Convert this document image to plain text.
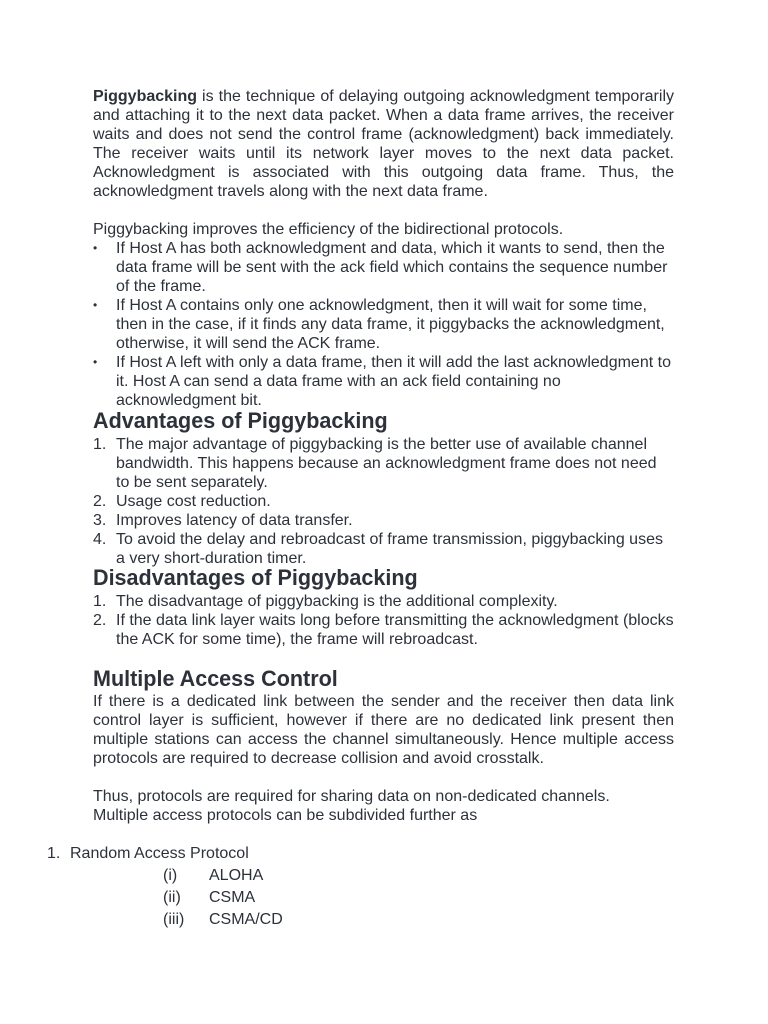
Piggybacking is the technique of delaying outgoing acknowledgment temporarily and attaching it to the next data packet. When a data frame arrives, the receiver waits and does not send the control frame (acknowledgment) back immediately. The receiver waits until its network layer moves to the next data packet. Acknowledgment is associated with this outgoing data frame. Thus, the acknowledgment travels along with the next data frame.

Piggybacking improves the efficiency of the bidirectional protocols.

• If Host A has both acknowledgment and data, which it wants to send, then the data frame will be sent with the ack field which contains the sequence number of the frame.
• If Host A contains only one acknowledgment, then it will wait for some time, then in the case, if it finds any data frame, it piggybacks the acknowledgment, otherwise, it will send the ACK frame.
• If Host A left with only a data frame, then it will add the last acknowledgment to it. Host A can send a data frame with an ack field containing no acknowledgment bit.
Advantages of Piggybacking
1. The major advantage of piggybacking is the better use of available channel bandwidth. This happens because an acknowledgment frame does not need to be sent separately.
2. Usage cost reduction.
3. Improves latency of data transfer.
4. To avoid the delay and rebroadcast of frame transmission, piggybacking uses a very short-duration timer.
Disadvantages of Piggybacking
1. The disadvantage of piggybacking is the additional complexity.
2. If the data link layer waits long before transmitting the acknowledgment (blocks the ACK for some time), the frame will rebroadcast.
Multiple Access Control

If there is a dedicated link between the sender and the receiver then data link control layer is sufficient, however if there are no dedicated link present then multiple stations can access the channel simultaneously. Hence multiple access protocols are required to decrease collision and avoid crosstalk.

Thus, protocols are required for sharing data on non-dedicated channels.

Multiple access protocols can be subdivided further as

1. Random Access Protocol
(i) ALOHA
(ii) CSMA
(iii) CSMA/CD
